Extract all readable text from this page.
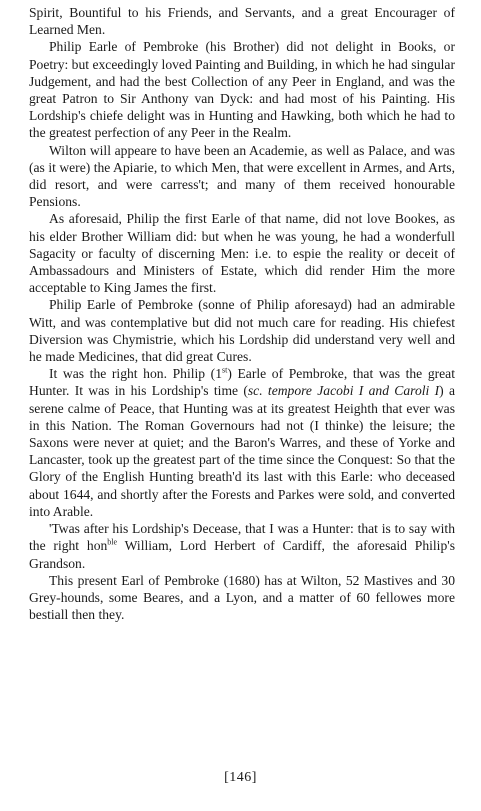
Spirit, Bountiful to his Friends, and Servants, and a great Encourager of Learned Men.

Philip Earle of Pembroke (his Brother) did not delight in Books, or Poetry: but exceedingly loved Painting and Building, in which he had singular Judgement, and had the best Collection of any Peer in England, and was the great Patron to Sir Anthony van Dyck: and had most of his Painting. His Lordship's chiefe delight was in Hunting and Hawking, both which he had to the greatest perfection of any Peer in the Realm.

Wilton will appeare to have been an Academie, as well as Palace, and was (as it were) the Apiarie, to which Men, that were excellent in Armes, and Arts, did resort, and were carress't; and many of them received honourable Pensions.

As aforesaid, Philip the first Earle of that name, did not love Bookes, as his elder Brother William did: but when he was young, he had a wonderfull Sagacity or faculty of discerning Men: i.e. to espie the reality or deceit of Ambassadours and Ministers of Estate, which did render Him the more acceptable to King James the first.

Philip Earle of Pembroke (sonne of Philip aforesayd) had an admirable Witt, and was contemplative but did not much care for reading. His chiefest Diversion was Chymistrie, which his Lordship did understand very well and he made Medicines, that did great Cures.

It was the right hon. Philip (1st) Earle of Pembroke, that was the great Hunter. It was in his Lordship's time (sc. tempore Jacobi I and Caroli I) a serene calme of Peace, that Hunting was at its greatest Heighth that ever was in this Nation. The Roman Governours had not (I thinke) the leisure; the Saxons were never at quiet; and the Baron's Warres, and these of Yorke and Lancaster, took up the greatest part of the time since the Conquest: So that the Glory of the English Hunting breath'd its last with this Earle: who deceased about 1644, and shortly after the Forests and Parkes were sold, and converted into Arable.

'Twas after his Lordship's Decease, that I was a Hunter: that is to say with the right hon$^{ble}$ William, Lord Herbert of Cardiff, the aforesaid Philip's Grandson.

This present Earl of Pembroke (1680) has at Wilton, 52 Mastives and 30 Grey-hounds, some Beares, and a Lyon, and a matter of 60 fellowes more bestiall then they.

[146]
